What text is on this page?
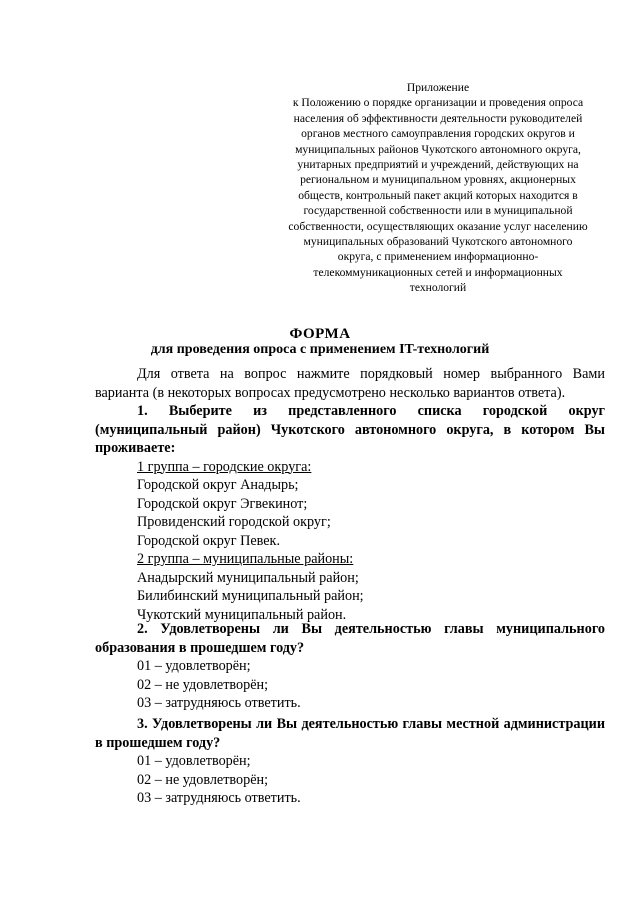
Приложение
к Положению о порядке организации и проведения опроса
населения об эффективности деятельности руководителей
органов местного самоуправления городских округов и
муниципальных районов Чукотского автономного округа,
унитарных предприятий и учреждений, действующих на
региональном и муниципальном уровнях, акционерных
обществ, контрольный пакет акций которых находится в
государственной собственности или в муниципальной
собственности, осуществляющих оказание услуг населению
муниципальных образований Чукотского автономного
округа, с применением информационно-
телекоммуникационных сетей и информационных
технологий
ФОРМА
для проведения опроса с применением IT-технологий

Для ответа на вопрос нажмите порядковый номер выбранного Вами варианта (в некоторых вопросах предусмотрено несколько вариантов ответа).

1. Выберите из представленного списка городской округ (муниципальный район) Чукотского автономного округа, в котором Вы проживаете:

1 группа – городские округа:

Городской округ Анадырь;

Городской округ Эгвекинот;

Провиденский городской округ;

Городской округ Певек.

2 группа – муниципальные районы:

Анадырский муниципальный район;

Билибинский муниципальный район;

Чукотский муниципальный район.

2. Удовлетворены ли Вы деятельностью главы муниципального образования в прошедшем году?

01 – удовлетворён;

02 – не удовлетворён;

03 – затрудняюсь ответить.

3. Удовлетворены ли Вы деятельностью главы местной администрации в прошедшем году?

01 – удовлетворён;

02 – не удовлетворён;

03 – затрудняюсь ответить.
